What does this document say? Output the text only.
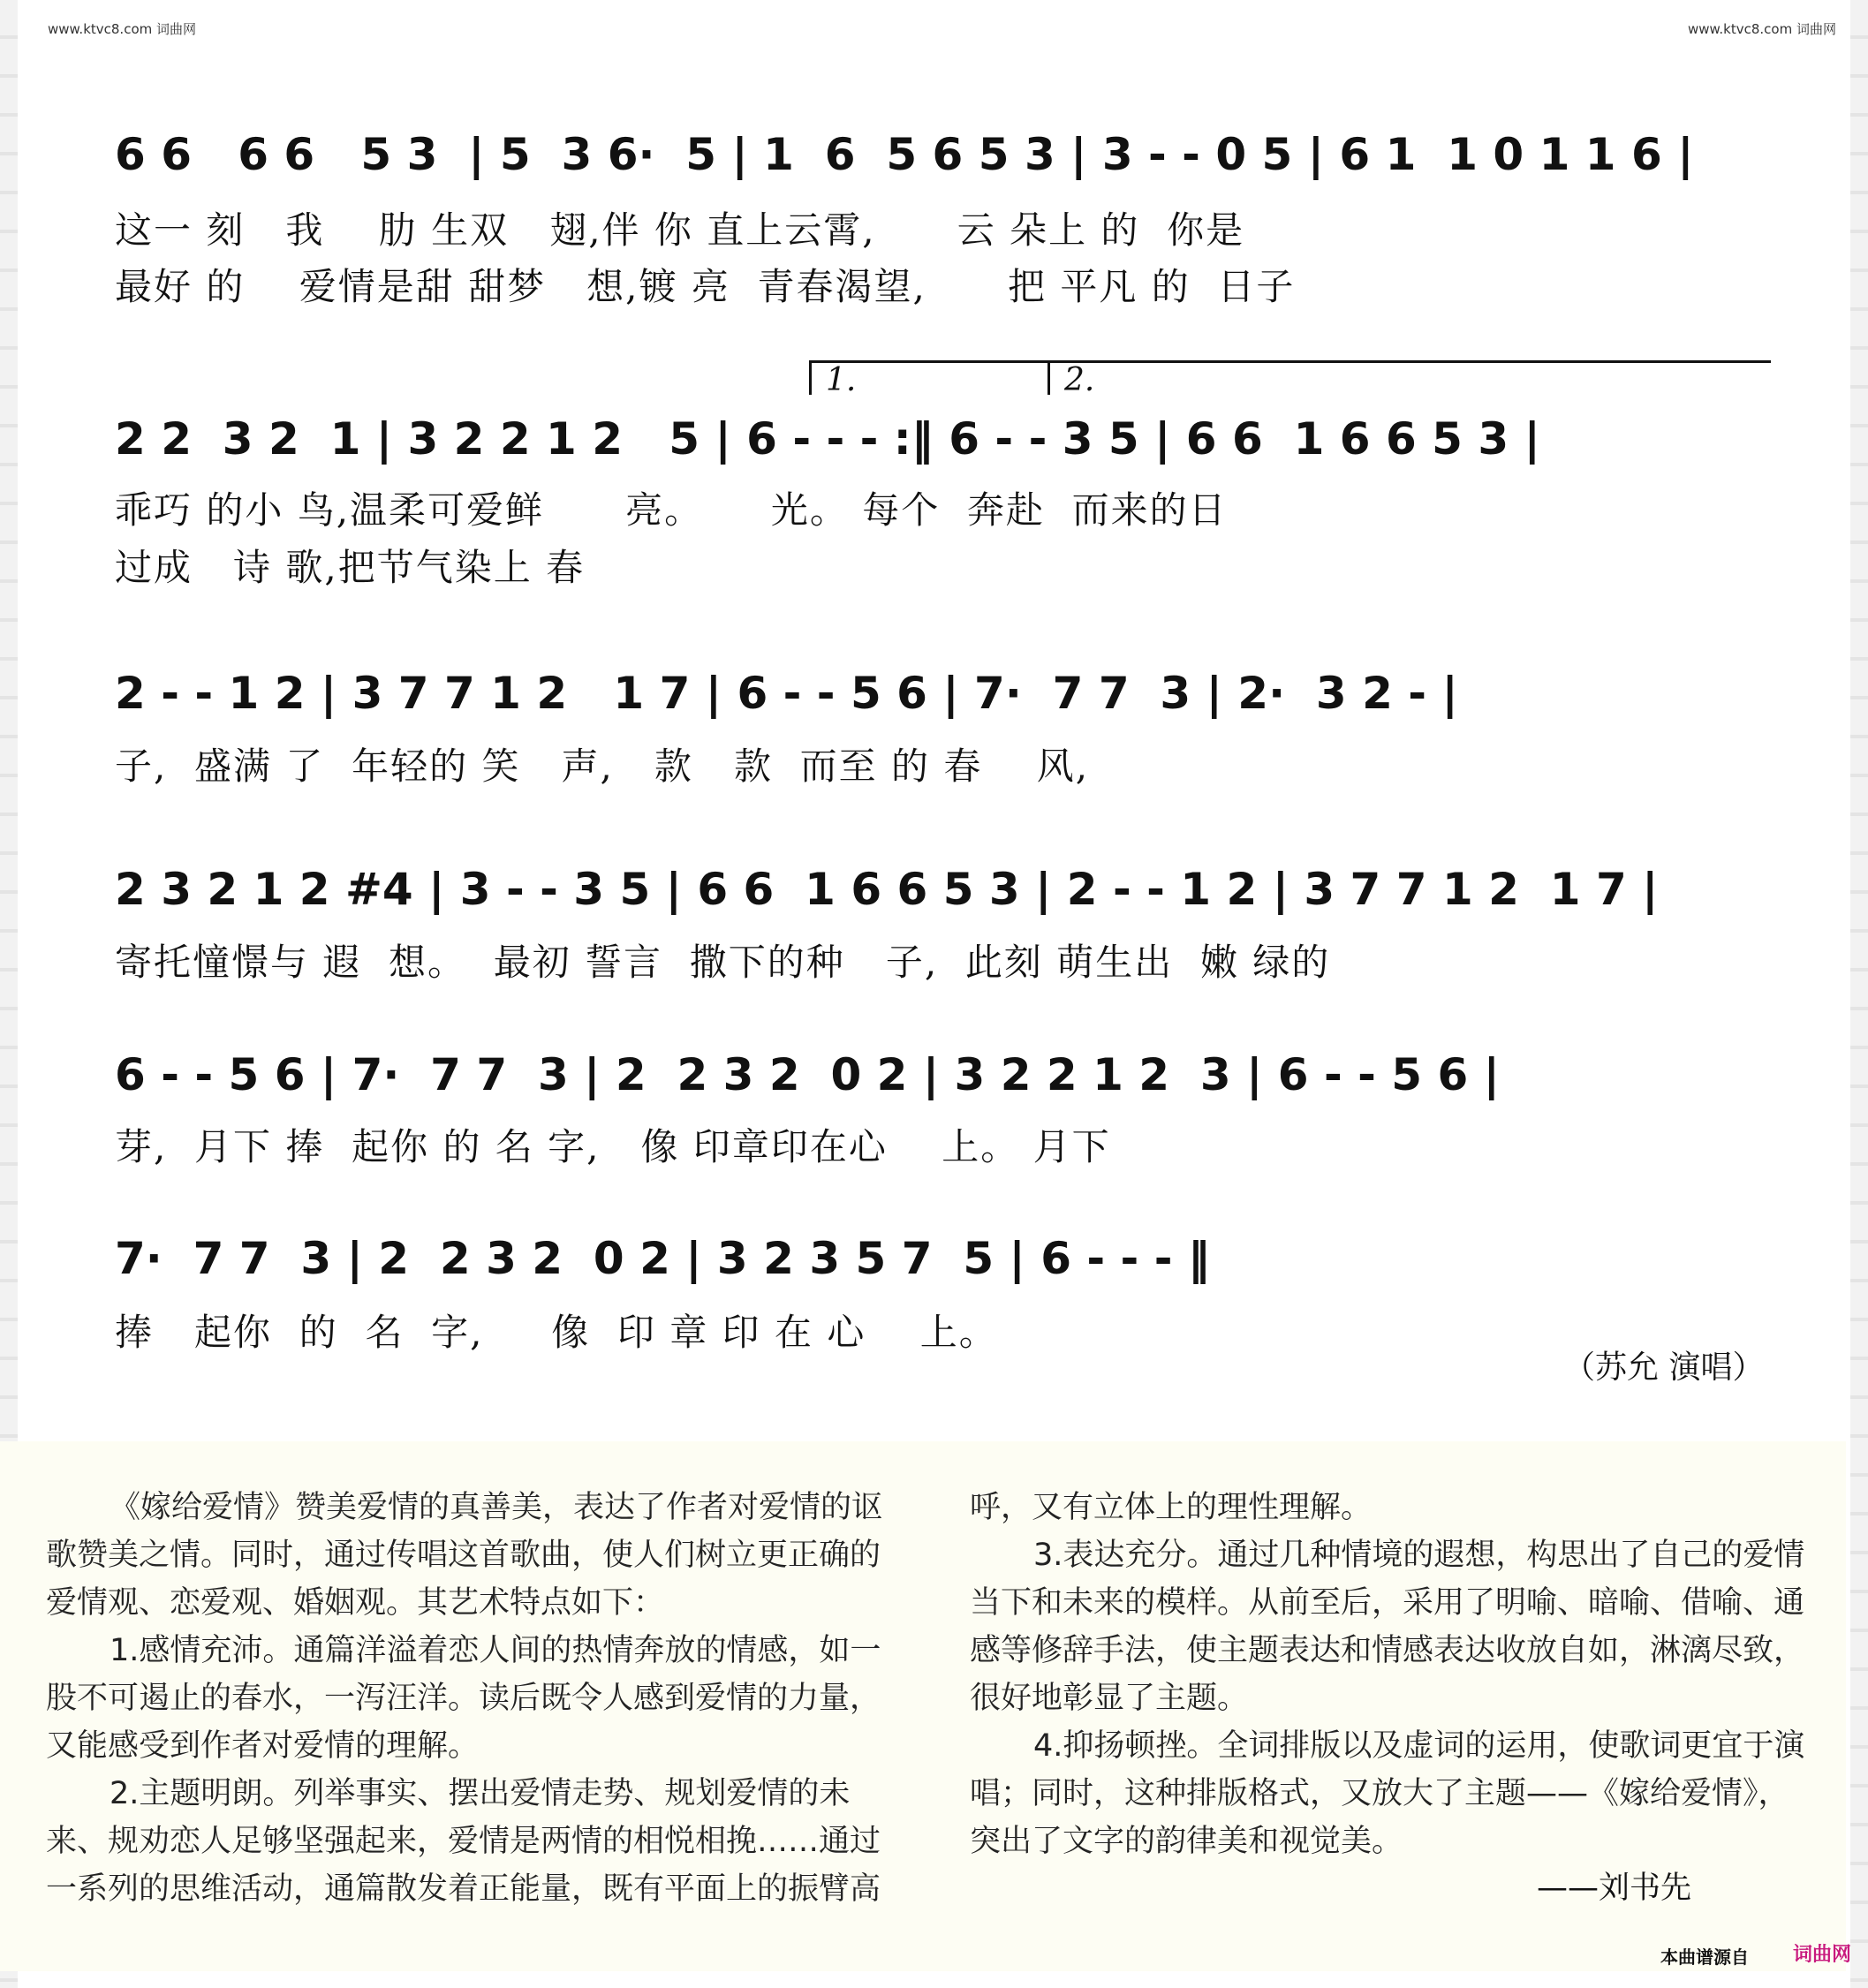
www.ktvc8.com 词曲网	www.ktvc8.com 词曲网
6 6   6 6   5 3  | 5  3 6·  5 | 1  6  5 6 5 3 | 3 - - 0 5 | 6 1  1 0 1 1 6 |
这一 刻   我    肋 生双   翅,伴 你 直上云霄,      云 朵上 的  你是
最好 的    爱情是甜 甜梦   想,镀 亮  青春渴望,      把 平凡 的  日子
1.	2.
2 2  3 2  1 | 3 2 2 1 2   5 | 6 - - - :‖ 6 - - 3 5 | 6 6  1 6 6 5 3 |
乖巧 的小 鸟,温柔可爱鲜      亮。     光。 每个  奔赴  而来的日
过成   诗 歌,把节气染上 春
2 - - 1 2 | 3 7 7 1 2   1 7 | 6 - - 5 6 | 7·  7 7  3 | 2·  3 2 - |
子,  盛满 了  年轻的 笑   声,   款   款  而至 的 春    风,
2 3 2 1 2 #4 | 3 - - 3 5 | 6 6  1 6 6 5 3 | 2 - - 1 2 | 3 7 7 1 2  1 7 |
寄托憧憬与 遐  想。  最初 誓言  撒下的种   子,  此刻 萌生出  嫩 绿的
6 - - 5 6 | 7·  7 7  3 | 2  2 3 2  0 2 | 3 2 2 1 2  3 | 6 - - 5 6 |
芽,  月下 捧  起你 的 名 字,   像 印章印在心    上。 月下
7·  7 7  3 | 2  2 3 2  0 2 | 3 2 3 5 7  5 | 6 - - - ‖
捧   起你  的  名  字,     像  印 章 印 在 心    上。
（苏允 演唱）

《嫁给爱情》赞美爱情的真善美，表达了作者对爱情的讴歌赞美之情。同时，通过传唱这首歌曲，使人们树立更正确的爱情观、恋爱观、婚姻观。其艺术特点如下：

1.感情充沛。通篇洋溢着恋人间的热情奔放的情感，如一股不可遏止的春水，一泻汪洋。读后既令人感到爱情的力量，又能感受到作者对爱情的理解。

2.主题明朗。列举事实、摆出爱情走势、规划爱情的未来、规劝恋人足够坚强起来，爱情是两情的相悦相挽……通过一系列的思维活动，通篇散发着正能量，既有平面上的振臂高

呼，又有立体上的理性理解。

3.表达充分。通过几种情境的遐想，构思出了自己的爱情当下和未来的模样。从前至后，采用了明喻、暗喻、借喻、通感等修辞手法，使主题表达和情感表达收放自如，淋漓尽致，很好地彰显了主题。

4.抑扬顿挫。全词排版以及虚词的运用，使歌词更宜于演唱；同时，这种排版格式，又放大了主题——《嫁给爱情》，突出了文字的韵律美和视觉美。

——刘书先
本曲谱源自 词曲网
